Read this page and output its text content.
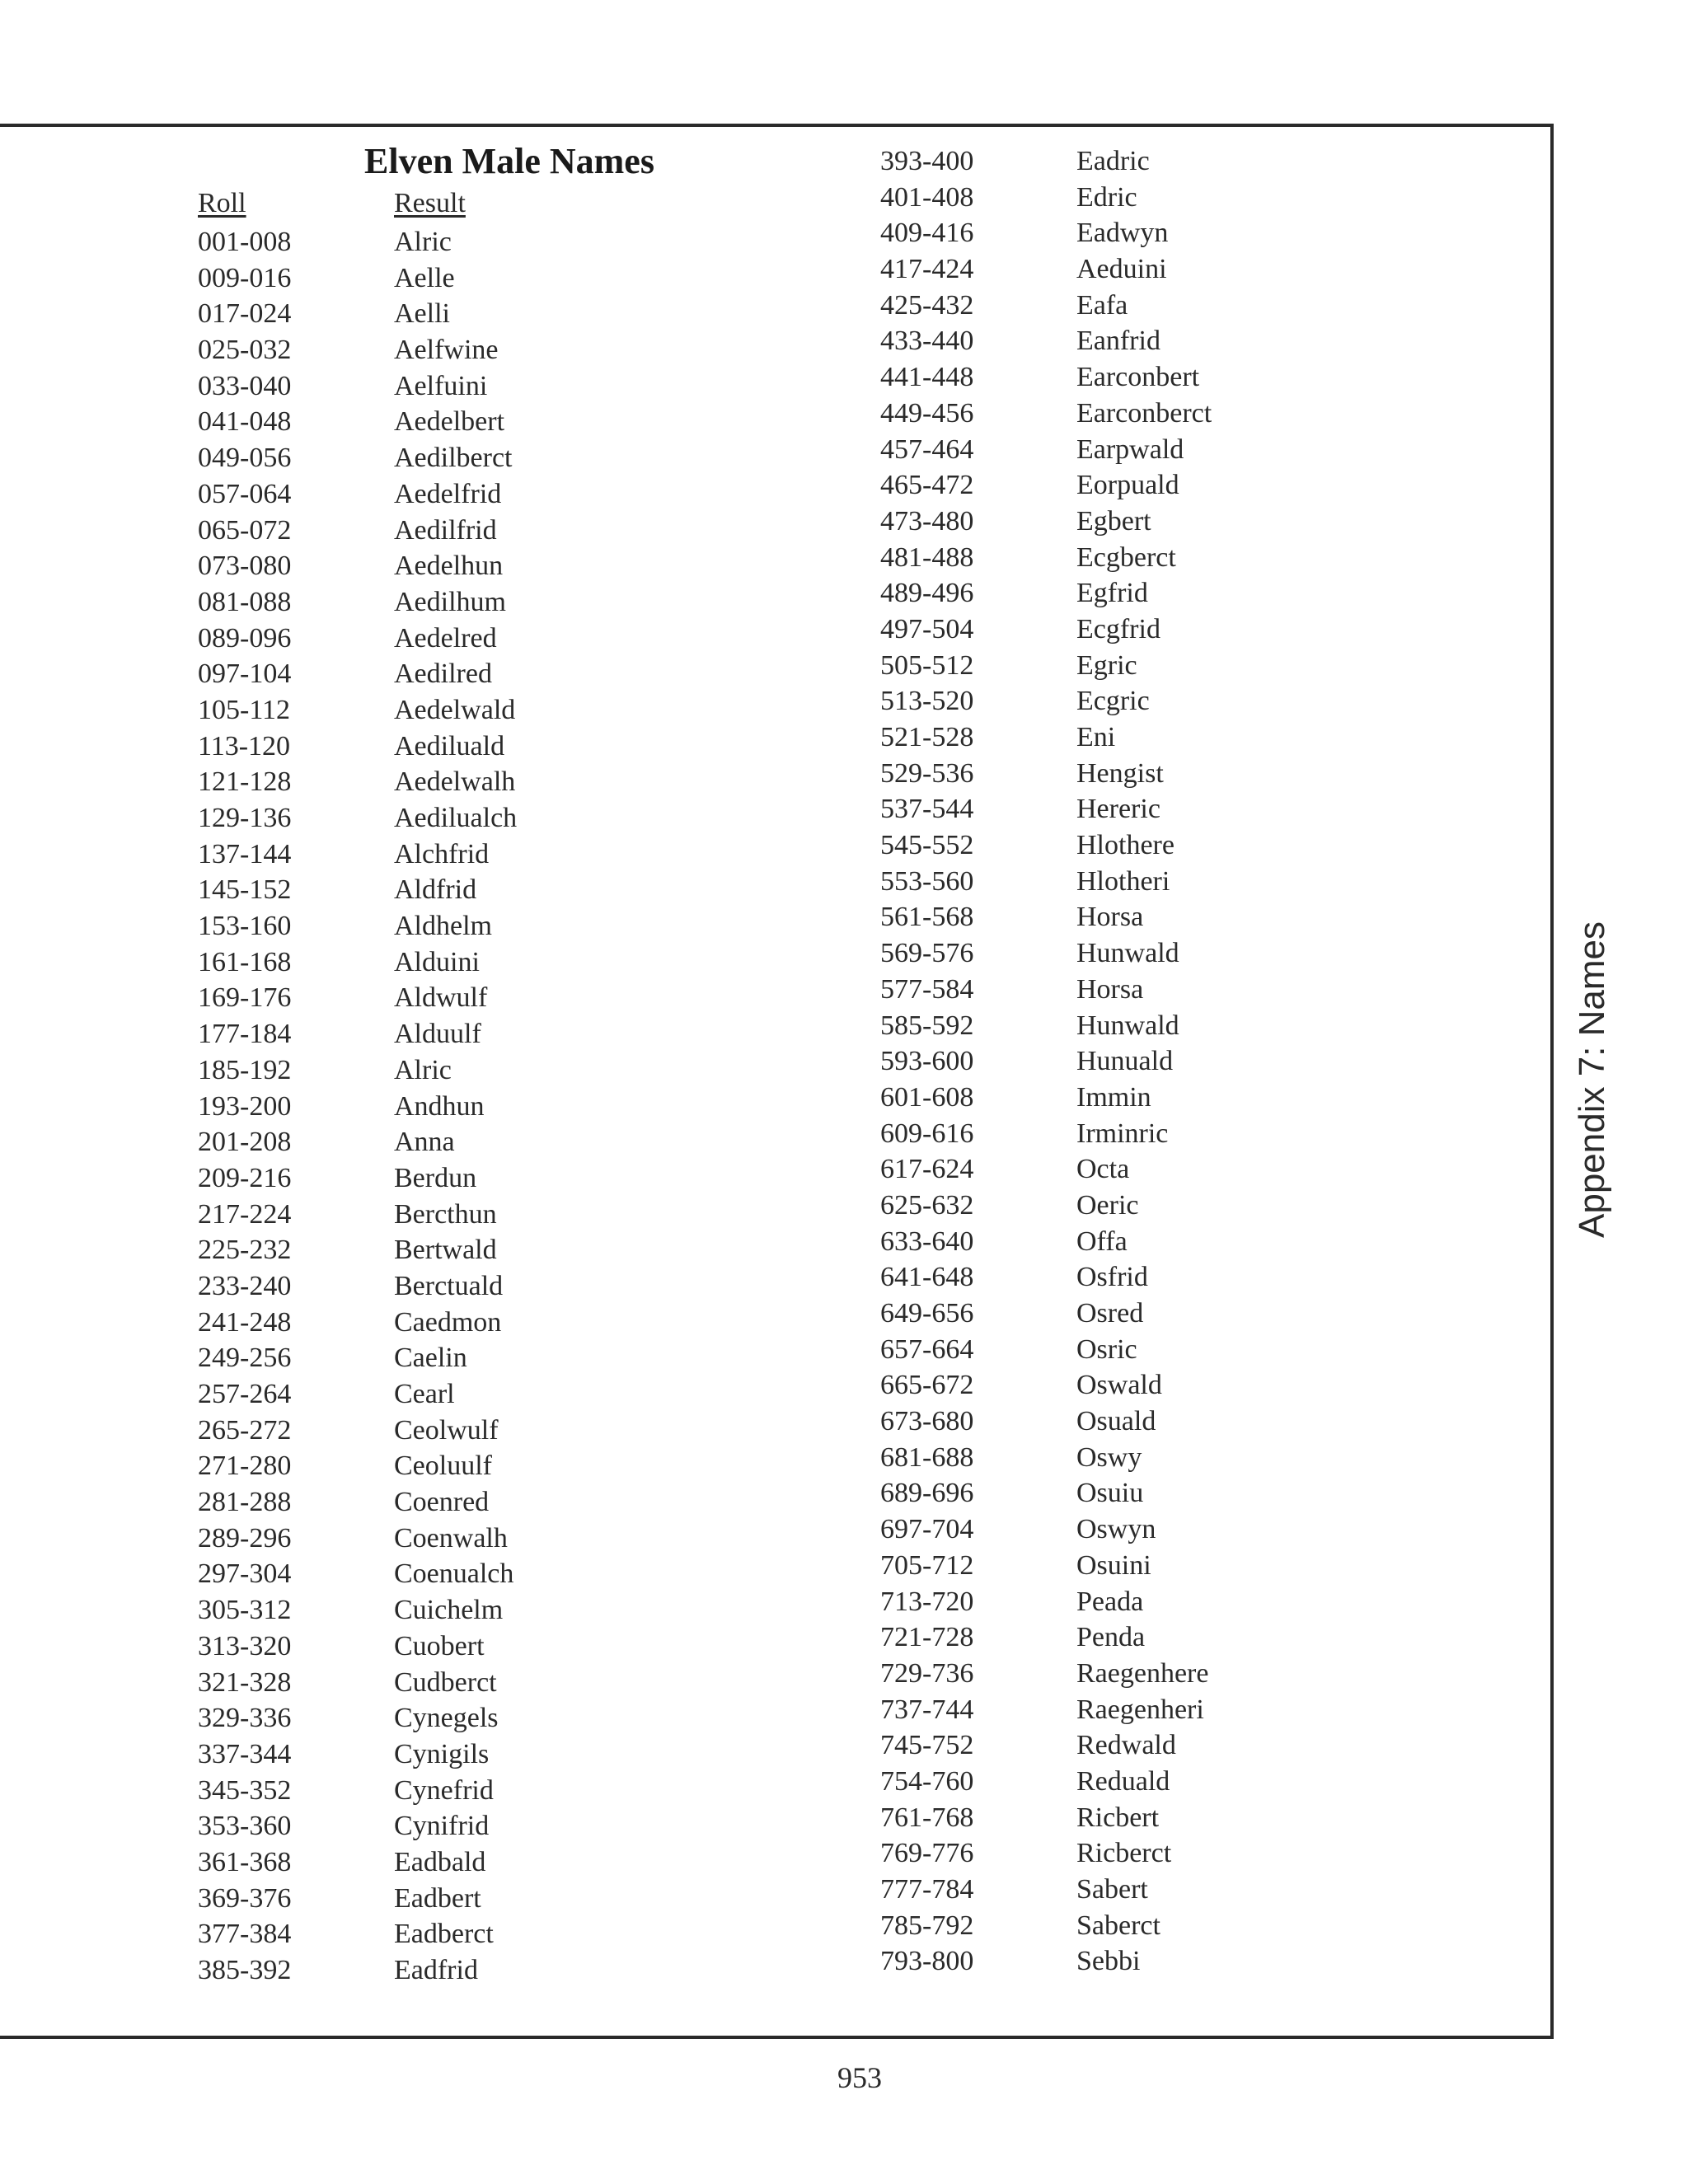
Elven Male Names
Roll	Result
001-008	Alric
009-016	Aelle
017-024	Aelli
025-032	Aelfwine
033-040	Aelfuini
041-048	Aedelbert
049-056	Aedilberct
057-064	Aedelfrid
065-072	Aedilfrid
073-080	Aedelhun
081-088	Aedilhum
089-096	Aedelred
097-104	Aedilred
105-112	Aedelwald
113-120	Aediluald
121-128	Aedelwalh
129-136	Aedilualch
137-144	Alchfrid
145-152	Aldfrid
153-160	Aldhelm
161-168	Alduini
169-176	Aldwulf
177-184	Alduulf
185-192	Alric
193-200	Andhun
201-208	Anna
209-216	Berdun
217-224	Bercthun
225-232	Bertwald
233-240	Berctuald
241-248	Caedmon
249-256	Caelin
257-264	Cearl
265-272	Ceolwulf
271-280	Ceoluulf
281-288	Coenred
289-296	Coenwalh
297-304	Coenualch
305-312	Cuichelm
313-320	Cuobert
321-328	Cudberct
329-336	Cynegels
337-344	Cynigils
345-352	Cynefrid
353-360	Cynifrid
361-368	Eadbald
369-376	Eadbert
377-384	Eadberct
385-392	Eadfrid
393-400	Eadric
401-408	Edric
409-416	Eadwyn
417-424	Aeduini
425-432	Eafa
433-440	Eanfrid
441-448	Earconbert
449-456	Earconberct
457-464	Earpwald
465-472	Eorpuald
473-480	Egbert
481-488	Ecgberct
489-496	Egfrid
497-504	Ecgfrid
505-512	Egric
513-520	Ecgric
521-528	Eni
529-536	Hengist
537-544	Hereric
545-552	Hlothere
553-560	Hlotheri
561-568	Horsa
569-576	Hunwald
577-584	Horsa
585-592	Hunwald
593-600	Hunuald
601-608	Immin
609-616	Irminric
617-624	Octa
625-632	Oeric
633-640	Offa
641-648	Osfrid
649-656	Osred
657-664	Osric
665-672	Oswald
673-680	Osuald
681-688	Oswy
689-696	Osuiu
697-704	Oswyn
705-712	Osuini
713-720	Peada
721-728	Penda
729-736	Raegenhere
737-744	Raegenheri
745-752	Redwald
754-760	Reduald
761-768	Ricbert
769-776	Ricberct
777-784	Sabert
785-792	Saberct
793-800	Sebbi
Appendix 7: Names
953
